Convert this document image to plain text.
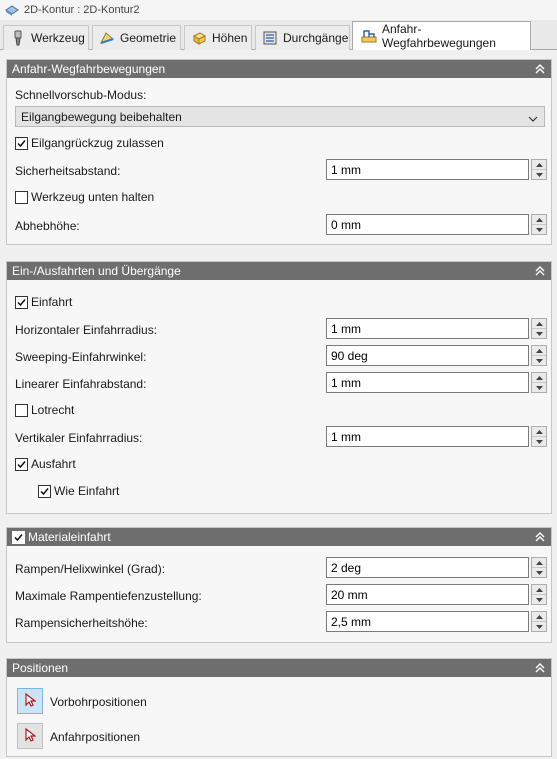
2D-Kontur : 2D-Kontur2
Werkzeug	Geometrie	Höhen	Durchgänge
Anfahr-Wegfahrbewegungen
Anfahr-Wegfahrbewegungen
Schnellvorschub-Modus:
Eilgangbewegung beibehalten
Eilgangrückzug zulassen
Sicherheitsabstand:
1 mm
Werkzeug unten halten
Abhebhöhe:
0 mm
Ein-/Ausfahrten und Übergänge
Einfahrt
Horizontaler Einfahrradius:
1 mm
Sweeping-Einfahrwinkel:
90 deg
Linearer Einfahrabstand:
1 mm
Lotrecht
Vertikaler Einfahrradius:
1 mm
Ausfahrt
Wie Einfahrt
Materialeinfahrt
Rampen/Helixwinkel (Grad):
2 deg
Maximale Rampentiefenzustellung:
20 mm
Rampensicherheitshöhe:
2,5 mm
Positionen
Vorbohrpositionen
Anfahrpositionen
